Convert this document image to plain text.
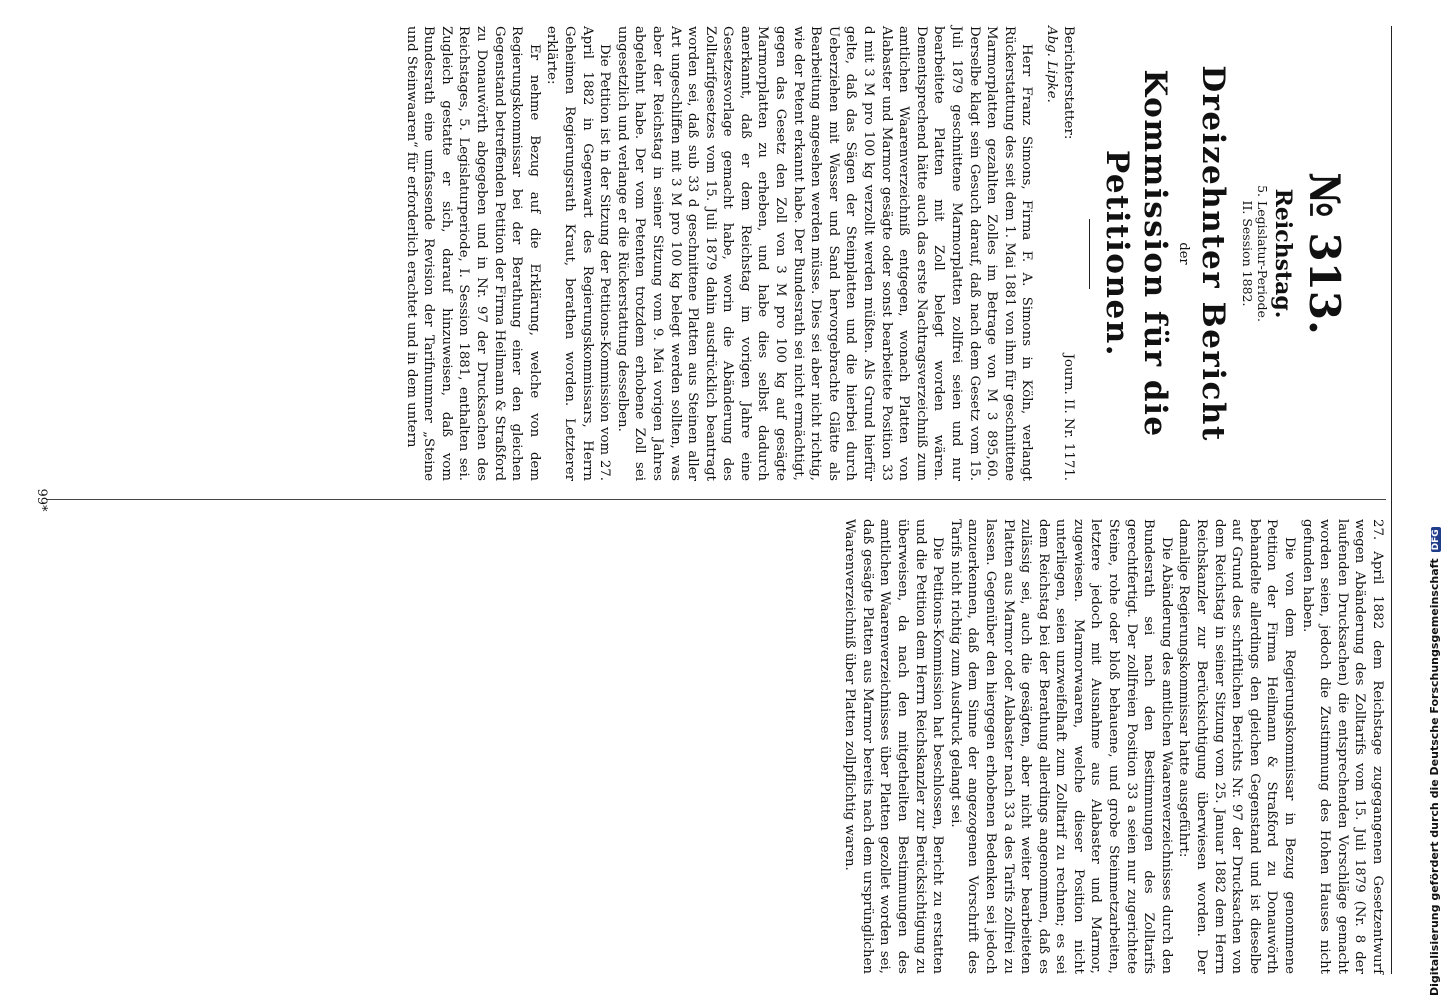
№ 313.
Reichstag.
5. Legislatur-Periode.
II. Session 1882.
Dreizehnter Bericht
der
Kommission für die Petitionen.
Berichterstatter:
Abg. Lipke.
Journ. II. Nr. 1171.

Herr Franz Simons, Firma F. A. Simons in Köln, verlangt Rückerstattung des seit dem 1. Mai 1881 von ihm für geschnittene Marmorplatten gezahlten Zolles im Betrage von M 3 895,60. Derselbe klagt sein Gesuch darauf, daß nach dem Gesetz vom 15. Juli 1879 geschnittene Marmorplatten zollfrei seien und nur bearbeitete Platten mit Zoll belegt worden wären. Dementsprechend hätte auch das erste Nachtragsverzeichniß zum amtlichen Waarenverzeichniß entgegen, wonach Platten von Alabaster und Marmor gesägte oder sonst bearbeitete Position 33 d mit 3 M pro 100 kg verzollt werden müßten. Als Grund hierfür gelte, daß das Sägen der Steinplatten und die hierbei durch Ueberziehen mit Wasser und Sand hervorgebrachte Glätte als Bearbeitung angesehen werden müsse. Dies sei aber nicht richtig, wie der Petent erkannt habe. Der Bundesrath sei nicht ermächtigt, gegen das Gesetz den Zoll von 3 M pro 100 kg auf gesägte Marmorplatten zu erheben, und habe dies selbst dadurch anerkannt, daß er dem Reichstag im vorigen Jahre eine Gesetzesvorlage gemacht habe, worin die Abänderung des Zolltarifgesetzes vom 15. Juli 1879 dahin ausdrücklich beantragt worden sei, daß sub 33 d geschnittene Platten aus Steinen aller Art ungeschliffen mit 3 M pro 100 kg belegt werden sollten, was aber der Reichstag in seiner Sitzung vom 9. Mai vorigen Jahres abgelehnt habe. Der vom Petenten trotzdem erhobene Zoll sei ungesetzlich und verlange er die Rückerstattung desselben.

Die Petition ist in der Sitzung der Petitions-Kommission vom 27. April 1882 in Gegenwart des Regierungskommissars, Herrn Geheimen Regierungsrath Kraut, berathen worden. Letzterer erklärte:

Er nehme Bezug auf die Erklärung, welche von dem Regierungskommissar bei der Berathung einer den gleichen Gegenstand betreffenden Petition der Firma Heilmann & Straßford zu Donauwörth abgegeben und in Nr. 97 der Drucksachen des Reichstages, 5. Legislaturperiode, I. Session 1881, enthalten sei. Zugleich gestatte er sich, darauf hinzuweisen, daß vom Bundesrath eine umfassende Revision der Tarifnummer „Steine und Steinwaaren“ für erforderlich erachtet und in dem untern

27. April 1882 dem Reichstage zugegangenen Gesetzentwurf wegen Abänderung des Zolltarifs vom 15. Juli 1879 (Nr. 8 der laufenden Drucksachen) die entsprechenden Vorschläge gemacht worden seien, jedoch die Zustimmung des Hohen Hauses nicht gefunden haben.

Die von dem Regierungskommissar in Bezug genommene Petition der Firma Heilmann & Straßford zu Donauwörth behandelte allerdings den gleichen Gegenstand und ist dieselbe auf Grund des schriftlichen Berichts Nr. 97 der Drucksachen von dem Reichstag in seiner Sitzung vom 25. Januar 1882 dem Herrn Reichskanzler zur Berücksichtigung überwiesen worden. Der damalige Regierungskommissar hatte ausgeführt:

Die Abänderung des amtlichen Waarenverzeichnisses durch den Bundesrath sei nach den Bestimmungen des Zolltarifs gerechtfertigt. Der zollfreien Position 33 a seien nur zugerichtete Steine, rohe oder bloß behauene, und grobe Steinmetzarbeiten, letztere jedoch mit Ausnahme aus Alabaster und Marmor, zugewiesen. Marmorwaaren, welche dieser Position nicht unterliegen, seien unzweifelhaft zum Zolltarif zu rechnen; es sei dem Reichstag bei der Berathung allerdings angenommen, daß es zulässig sei, auch die gesägten, aber nicht weiter bearbeiteten Platten aus Marmor oder Alabaster nach 33 a des Tarifs zollfrei zu lassen. Gegenüber den hiergegen erhobenen Bedenken sei jedoch anzuerkennen, daß dem Sinne der angezogenen Vorschrift des Tarifs nicht richtig zum Ausdruck gelangt sei.

Die Petitions-Kommission hat beschlossen, Bericht zu erstatten und die Petition dem Herrn Reichskanzler zur Berücksichtigung zu überweisen, da nach den mitgetheilten Bestimmungen des amtlichen Waarenverzeichnisses über Platten gezollet worden sei, daß gesägte Platten aus Marmor bereits nach dem ursprünglichen Waarenverzeichniß über Platten zollpflichtig waren.

99*
Digitalisierung gefördert durch die Deutsche ForschungsgemeinschaftDFG
